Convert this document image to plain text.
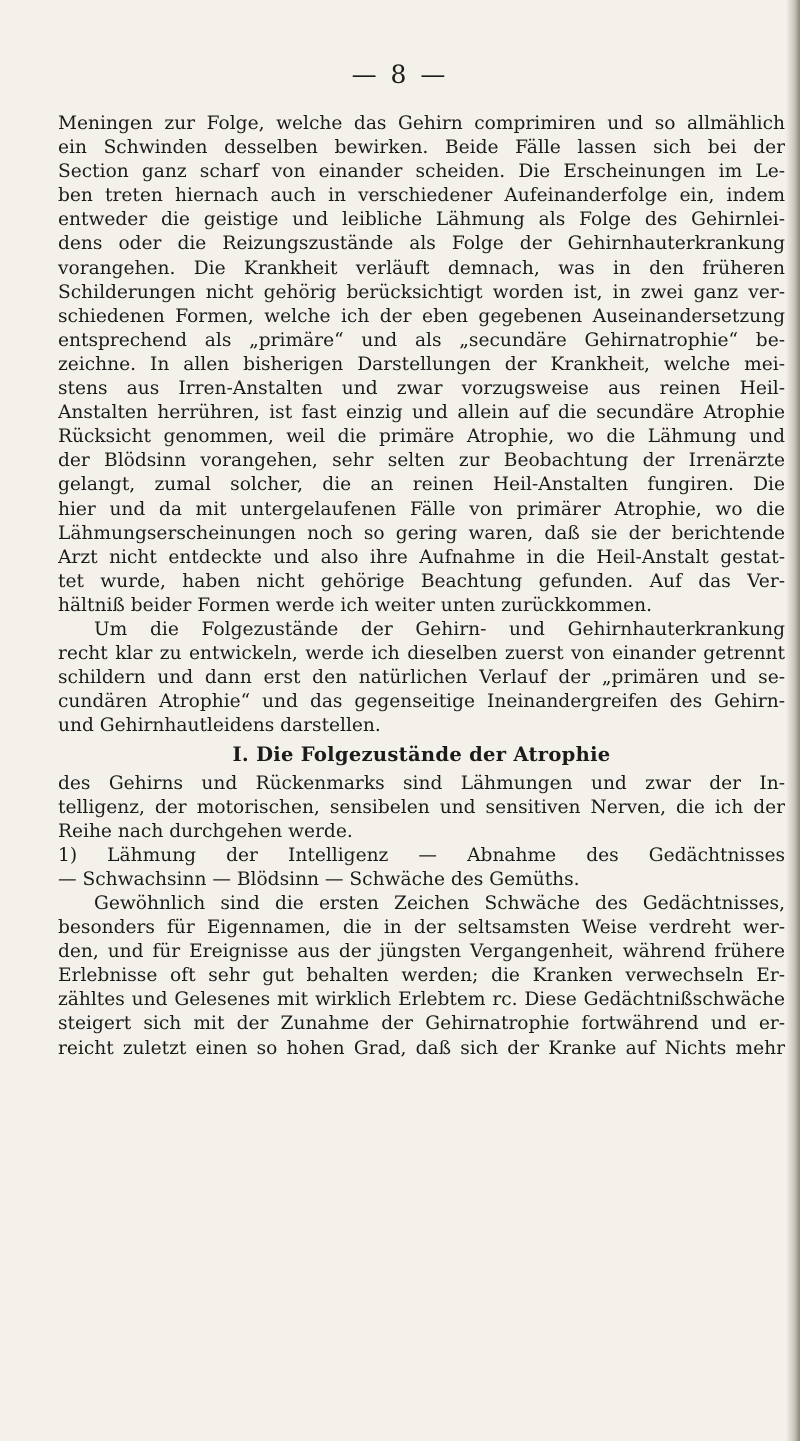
— 8 —
Meningen zur Folge, welche das Gehirn comprimiren und so allmählich
ein Schwinden desselben bewirken. Beide Fälle lassen sich bei der
Section ganz scharf von einander scheiden. Die Erscheinungen im Le-
ben treten hiernach auch in verschiedener Aufeinanderfolge ein, indem
entweder die geistige und leibliche Lähmung als Folge des Gehirnlei-
dens oder die Reizungszustände als Folge der Gehirnhauterkrankung
vorangehen. Die Krankheit verläuft demnach, was in den früheren
Schilderungen nicht gehörig berücksichtigt worden ist, in zwei ganz ver-
schiedenen Formen, welche ich der eben gegebenen Auseinandersetzung
entsprechend als „primäre“ und als „secundäre Gehirnatrophie“ be-
zeichne. In allen bisherigen Darstellungen der Krankheit, welche mei-
stens aus Irren-Anstalten und zwar vorzugsweise aus reinen Heil-
Anstalten herrühren, ist fast einzig und allein auf die secundäre Atrophie
Rücksicht genommen, weil die primäre Atrophie, wo die Lähmung und
der Blödsinn vorangehen, sehr selten zur Beobachtung der Irrenärzte
gelangt, zumal solcher, die an reinen Heil-Anstalten fungiren. Die
hier und da mit untergelaufenen Fälle von primärer Atrophie, wo die
Lähmungserscheinungen noch so gering waren, daß sie der berichtende
Arzt nicht entdeckte und also ihre Aufnahme in die Heil-Anstalt gestat-
tet wurde, haben nicht gehörige Beachtung gefunden. Auf das Ver-
hältniß beider Formen werde ich weiter unten zurückkommen.
Um die Folgezustände der Gehirn- und Gehirnhauterkrankung
recht klar zu entwickeln, werde ich dieselben zuerst von einander getrennt
schildern und dann erst den natürlichen Verlauf der „primären und se-
cundären Atrophie“ und das gegenseitige Ineinandergreifen des Gehirn-
und Gehirnhautleidens darstellen.
I. Die Folgezustände der Atrophie
des Gehirns und Rückenmarks sind Lähmungen und zwar der In-
telligenz, der motorischen, sensibelen und sensitiven Nerven, die ich der
Reihe nach durchgehen werde.
1) Lähmung der Intelligenz — Abnahme des Gedächtnisses
— Schwachsinn — Blödsinn — Schwäche des Gemüths.
Gewöhnlich sind die ersten Zeichen Schwäche des Gedächtnisses,
besonders für Eigennamen, die in der seltsamsten Weise verdreht wer-
den, und für Ereignisse aus der jüngsten Vergangenheit, während frühere
Erlebnisse oft sehr gut behalten werden; die Kranken verwechseln Er-
zähltes und Gelesenes mit wirklich Erlebtem rc. Diese Gedächtnißschwäche
steigert sich mit der Zunahme der Gehirnatrophie fortwährend und er-
reicht zuletzt einen so hohen Grad, daß sich der Kranke auf Nichts mehr
